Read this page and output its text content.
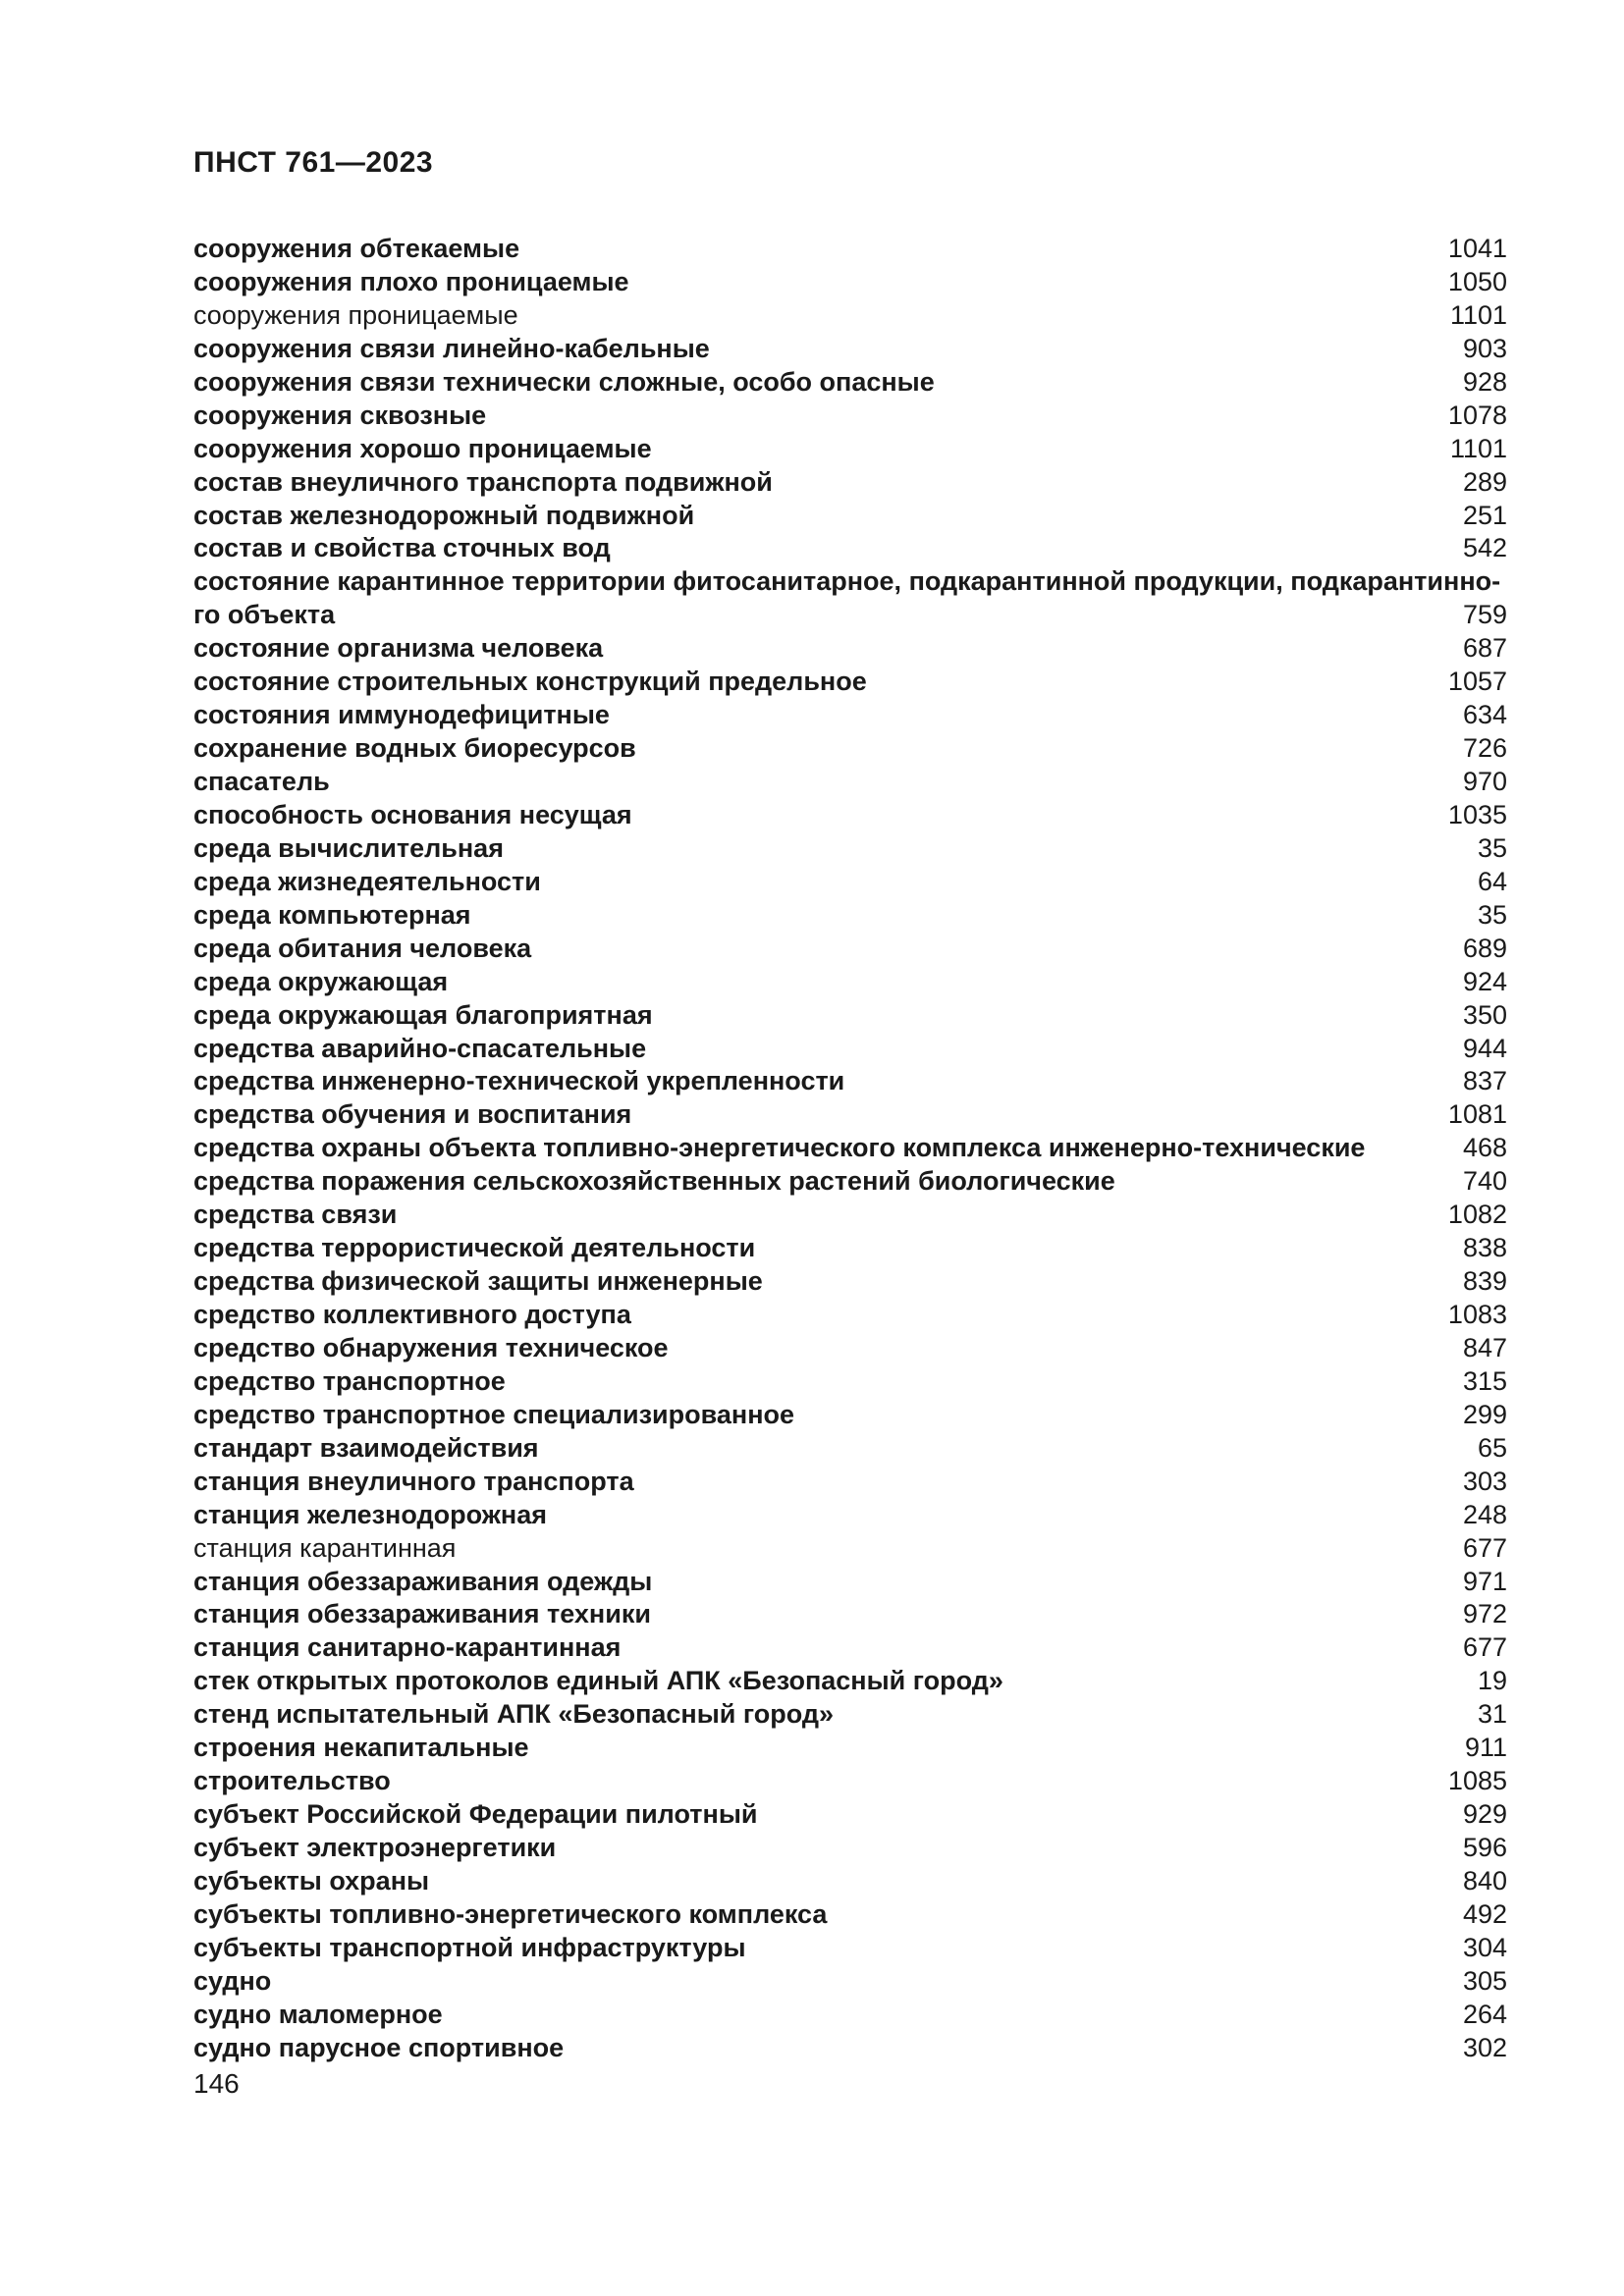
ПНСТ 761—2023
сооружения обтекаемые	1041
сооружения плохо проницаемые	1050
сооружения проницаемые	1101
сооружения связи линейно-кабельные	903
сооружения связи технически сложные, особо опасные	928
сооружения сквозные	1078
сооружения хорошо проницаемые	1101
состав внеуличного транспорта подвижной	289
состав железнодорожный подвижной	251
состав и свойства сточных вод	542
состояние карантинное территории фитосанитарное, подкарантинной продукции, подкарантинно-
го объекта	759
состояние организма человека	687
состояние строительных конструкций предельное	1057
состояния иммунодефицитные	634
сохранение водных биоресурсов	726
спасатель	970
способность основания несущая	1035
среда вычислительная	35
среда жизнедеятельности	64
среда компьютерная	35
среда обитания человека	689
среда окружающая	924
среда окружающая благоприятная	350
средства аварийно-спасательные	944
средства инженерно-технической укрепленности	837
средства обучения и воспитания	1081
средства охраны объекта топливно-энергетического комплекса инженерно-технические	468
средства поражения сельскохозяйственных растений биологические	740
средства связи	1082
средства террористической деятельности	838
средства физической защиты инженерные	839
средство коллективного доступа	1083
средство обнаружения техническое	847
средство транспортное	315
средство транспортное специализированное	299
стандарт взаимодействия	65
станция внеуличного транспорта	303
станция железнодорожная	248
станция карантинная	677
станция обеззараживания одежды	971
станция обеззараживания техники	972
станция санитарно-карантинная	677
стек открытых протоколов единый АПК «Безопасный город»	19
стенд испытательный АПК «Безопасный город»	31
строения некапитальные	911
строительство	1085
субъект Российской Федерации пилотный	929
субъект электроэнергетики	596
субъекты охраны	840
субъекты топливно-энергетического комплекса	492
субъекты транспортной инфраструктуры	304
судно	305
судно маломерное	264
судно парусное спортивное	302
146
